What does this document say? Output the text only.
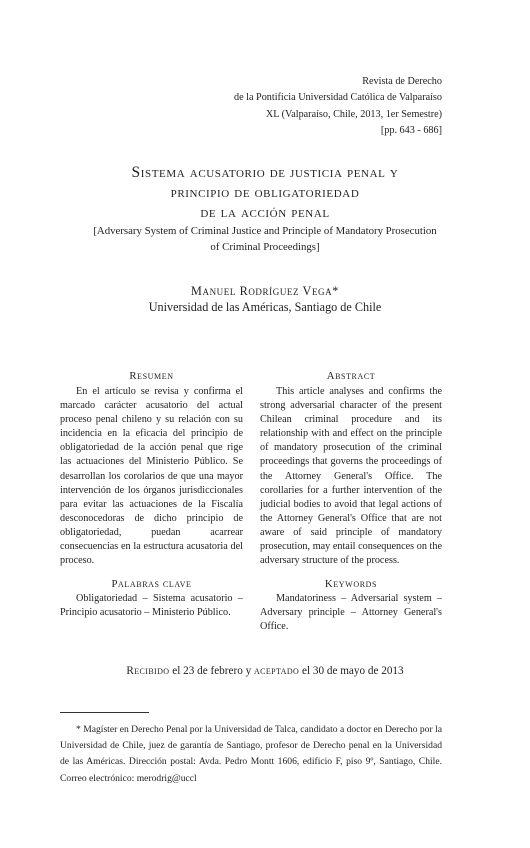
Revista de Derecho
de la Pontificia Universidad Católica de Valparaíso
XL (Valparaíso, Chile, 2013, 1er Semestre)
[pp. 643 - 686]
Sistema acusatorio de justicia penal y
principio de obligatoriedad
de la acción penal
[Adversary System of Criminal Justice and Principle of Mandatory Prosecution
of Criminal Proceedings]
Manuel Rodríguez Vega*
Universidad de las Américas, Santiago de Chile
Resumen

En el artículo se revisa y confirma el marcado carácter acusatorio del actual proceso penal chileno y su relación con su incidencia en la eficacia del principio de obligatoriedad de la acción penal que rige las actuaciones del Ministerio Público. Se desarrollan los corolarios de que una mayor intervención de los órganos jurisdiccionales para evitar las actuaciones de la Fiscalía desconocedoras de dicho principio de obligatoriedad, puedan acarrear consecuencias en la estructura acusatoria del proceso.

Palabras clave

Obligatoriedad – Sistema acusatorio – Principio acusatorio – Ministerio Público.

Abstract

This article analyses and confirms the strong adversarial character of the present Chilean criminal procedure and its relationship with and effect on the principle of mandatory prosecution of the criminal proceedings that governs the proceedings of the Attorney General's Office. The corollaries for a further intervention of the judicial bodies to avoid that legal actions of the Attorney General's Office that are not aware of said principle of mandatory prosecution, may entail consequences on the adversary structure of the process.

Keywords

Mandatoriness – Adversarial system – Adversary principle – Attorney General's Office.

Recibido el 23 de febrero y aceptado el 30 de mayo de 2013

* Magíster en Derecho Penal por la Universidad de Talca, candidato a doctor en Derecho por la Universidad de Chile, juez de garantía de Santiago, profesor de Derecho penal en la Universidad de las Américas. Dirección postal: Avda. Pedro Montt 1606, edificio F, piso 9º, Santiago, Chile. Correo electrónico: merodrig@uccl
